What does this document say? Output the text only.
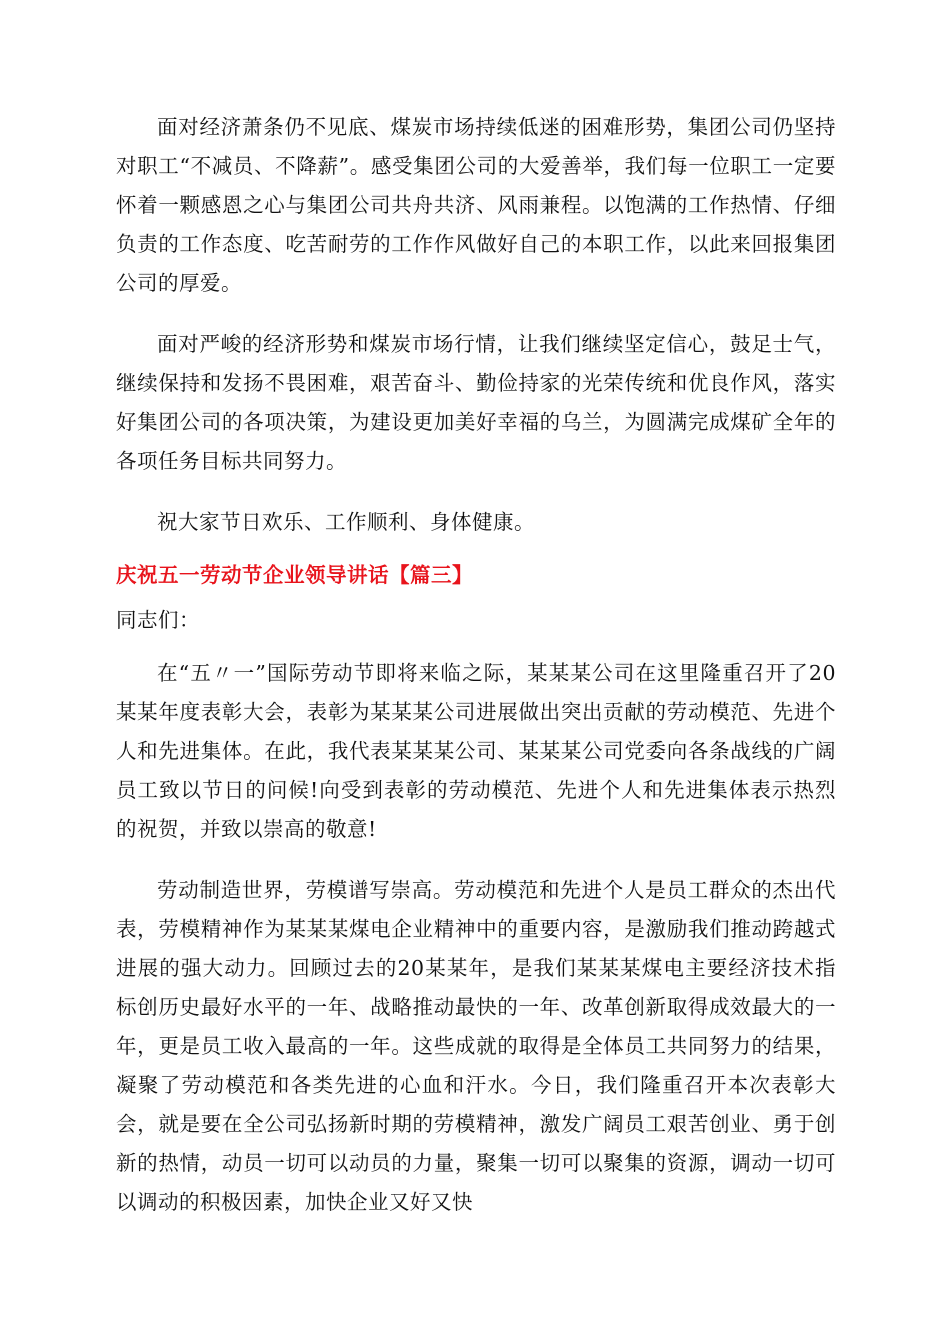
面对经济萧条仍不见底、煤炭市场持续低迷的困难形势，集团公司仍坚持对职工“不减员、不降薪”。感受集团公司的大爱善举，我们每一位职工一定要怀着一颗感恩之心与集团公司共舟共济、风雨兼程。以饱满的工作热情、仔细负责的工作态度、吃苦耐劳的工作作风做好自己的本职工作，以此来回报集团公司的厚爱。

面对严峻的经济形势和煤炭市场行情，让我们继续坚定信心，鼓足士气，继续保持和发扬不畏困难，艰苦奋斗、勤俭持家的光荣传统和优良作风，落实好集团公司的各项决策，为建设更加美好幸福的乌兰，为圆满完成煤矿全年的各项任务目标共同努力。

祝大家节日欢乐、工作顺利、身体健康。

庆祝五一劳动节企业领导讲话【篇三】

同志们：

在“五〃一”国际劳动节即将来临之际，某某某公司在这里隆重召开了20某某年度表彰大会，表彰为某某某公司进展做出突出贡献的劳动模范、先进个人和先进集体。在此，我代表某某某公司、某某某公司党委向各条战线的广阔员工致以节日的问候!向受到表彰的劳动模范、先进个人和先进集体表示热烈的祝贺，并致以崇高的敬意!

劳动制造世界，劳模谱写崇高。劳动模范和先进个人是员工群众的杰出代表，劳模精神作为某某某煤电企业精神中的重要内容，是激励我们推动跨越式进展的强大动力。回顾过去的20某某年，是我们某某某煤电主要经济技术指标创历史最好水平的一年、战略推动最快的一年、改革创新取得成效最大的一年，更是员工收入最高的一年。这些成就的取得是全体员工共同努力的结果，凝聚了劳动模范和各类先进的心血和汗水。今日，我们隆重召开本次表彰大会，就是要在全公司弘扬新时期的劳模精神，激发广阔员工艰苦创业、勇于创新的热情，动员一切可以动员的力量，聚集一切可以聚集的资源，调动一切可以调动的积极因素，加快企业又好又快
